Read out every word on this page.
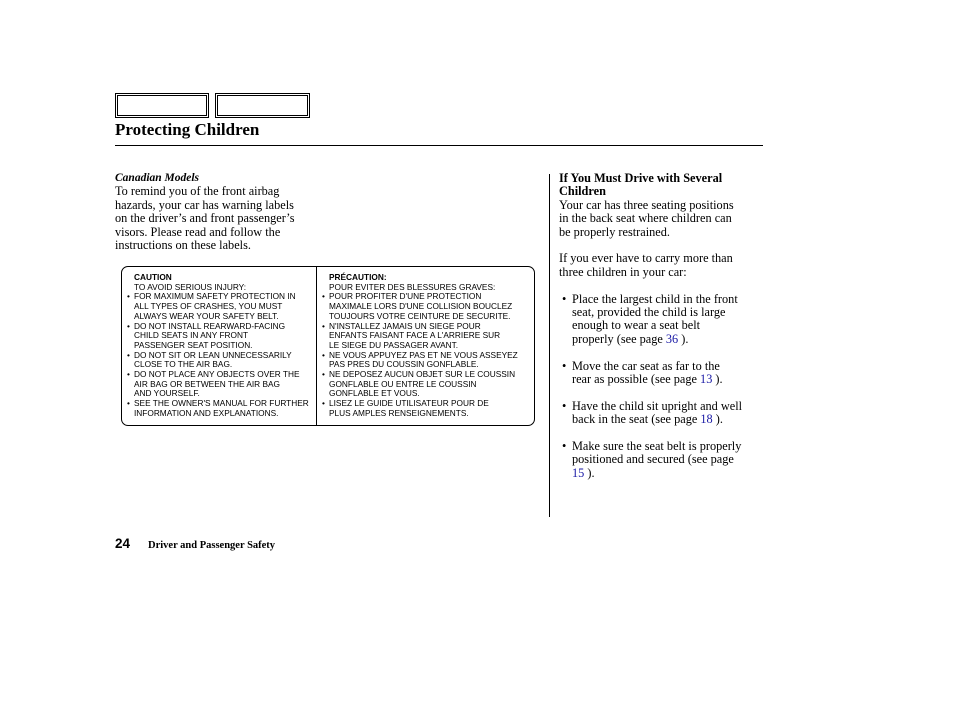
Protecting Children
Canadian Models
To remind you of the front airbag
hazards, your car has warning labels
on the driver’s and front passenger’s
visors. Please read and follow the
instructions on these labels.
CAUTION
TO AVOID SERIOUS INJURY:
• FOR MAXIMUM SAFETY PROTECTION IN
ALL TYPES OF CRASHES, YOU MUST
ALWAYS WEAR YOUR SAFETY BELT.
• DO NOT INSTALL REARWARD-FACING
CHILD SEATS IN ANY FRONT
PASSENGER SEAT POSITION.
• DO NOT SIT OR LEAN UNNECESSARILY
CLOSE TO THE AIR BAG.
• DO NOT PLACE ANY OBJECTS OVER THE
AIR BAG OR BETWEEN THE AIR BAG
AND YOURSELF.
• SEE THE OWNER'S MANUAL FOR FURTHER
INFORMATION AND EXPLANATIONS.
PRÉCAUTION:
POUR EVITER DES BLESSURES GRAVES:
• POUR PROFITER D'UNE PROTECTION
MAXIMALE LORS D'UNE COLLISION BOUCLEZ
TOUJOURS VOTRE CEINTURE DE SECURITE.
• N'INSTALLEZ JAMAIS UN SIEGE POUR
ENFANTS FAISANT FACE A L'ARRIERE SUR
LE SIEGE DU PASSAGER AVANT.
• NE VOUS APPUYEZ PAS ET NE VOUS ASSEYEZ
PAS PRES DU COUSSIN GONFLABLE.
• NE DEPOSEZ AUCUN OBJET SUR LE COUSSIN
GONFLABLE OU ENTRE LE COUSSIN
GONFLABLE ET VOUS.
• LISEZ LE GUIDE UTILISATEUR POUR DE
PLUS AMPLES RENSEIGNEMENTS.
If You Must Drive with Several
Children
Your car has three seating positions
in the back seat where children can
be properly restrained.
If you ever have to carry more than
three children in your car:
• Place the largest child in the front
seat, provided the child is large
enough to wear a seat belt
properly (see page 36 ).
• Move the car seat as far to the
rear as possible (see page 13 ).
• Have the child sit upright and well
back in the seat (see page 18 ).
• Make sure the seat belt is properly
positioned and secured (see page
15 ).
24 Driver and Passenger Safety
